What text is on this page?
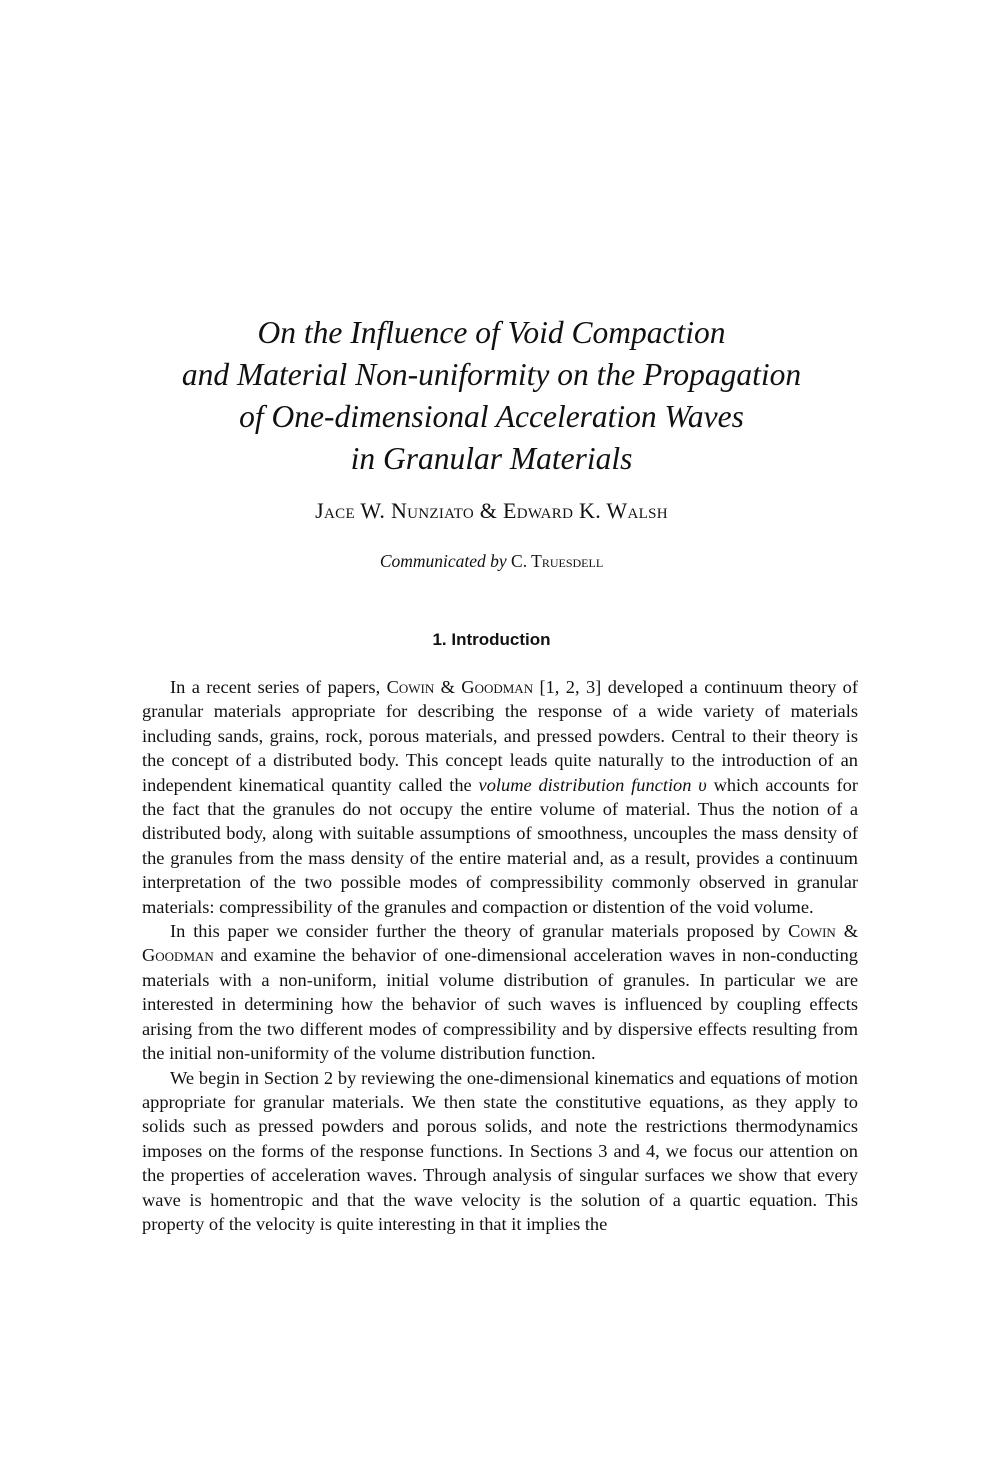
On the Influence of Void Compaction
and Material Non-uniformity on the Propagation
of One-dimensional Acceleration Waves
in Granular Materials
Jace W. Nunziato & Edward K. Walsh
Communicated by C. Truesdell
1. Introduction

In a recent series of papers, Cowin & Goodman [1, 2, 3] developed a continuum theory of granular materials appropriate for describing the response of a wide variety of materials including sands, grains, rock, porous materials, and pressed powders. Central to their theory is the concept of a distributed body. This concept leads quite naturally to the introduction of an independent kinematical quantity called the volume distribution function υ which accounts for the fact that the granules do not occupy the entire volume of material. Thus the notion of a distributed body, along with suitable assumptions of smoothness, uncouples the mass density of the granules from the mass density of the entire material and, as a result, provides a continuum interpretation of the two possible modes of compressibility commonly observed in granular materials: compressibility of the granules and compaction or distention of the void volume.

In this paper we consider further the theory of granular materials proposed by Cowin & Goodman and examine the behavior of one-dimensional acceleration waves in non-conducting materials with a non-uniform, initial volume distribution of granules. In particular we are interested in determining how the behavior of such waves is influenced by coupling effects arising from the two different modes of compressibility and by dispersive effects resulting from the initial non-uniformity of the volume distribution function.

We begin in Section 2 by reviewing the one-dimensional kinematics and equations of motion appropriate for granular materials. We then state the constitutive equations, as they apply to solids such as pressed powders and porous solids, and note the restrictions thermodynamics imposes on the forms of the response functions. In Sections 3 and 4, we focus our attention on the properties of acceleration waves. Through analysis of singular surfaces we show that every wave is homentropic and that the wave velocity is the solution of a quartic equation. This property of the velocity is quite interesting in that it implies the
